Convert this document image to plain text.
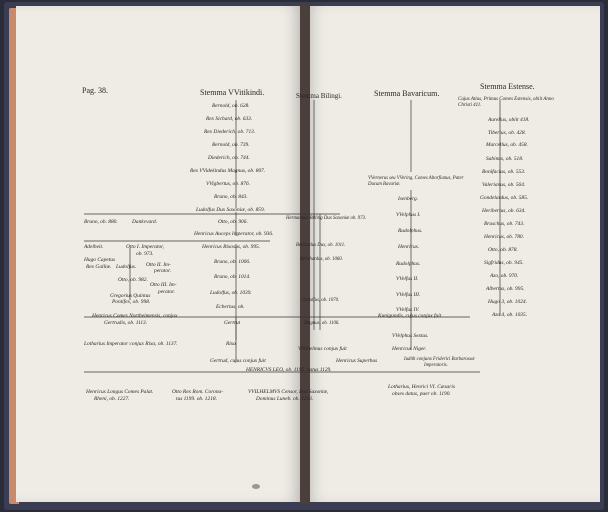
Pag. 38.	Stemma VVitikindi.	Stemma Bilingi.	Stemma Bavaricum.
Stemma Estense.
Bernold, ob. 628.
Rex Sichard, ob. 633.
Rex Diederich, ob. 713.
Bernold, ob. 739.
Diederich, ob. 744.
Rex VVidekindus Magnus, ob. 807.
VVigbertus, ob. 876.
Bruno, ob. 843.
Ludolfus Dux Saxoniæ, ob. 859.
Bruno, ob. 880.	Dankvvard.	Otto, ob. 906.
Henricus Auceps Imperator, ob. 936.
Adelheit.	Otto I. Imperator,
ob. 973.
Henricus Rixosus, ob. 995.
Hugo Capetus
Rex Galliæ. Ludolfus. Otto II. Im-
perator.
Bruno, ob. 1006.
Otto, ob. 982.
Otto III. Im-
perator.
Bruno, ob. 1014.
Gregorius Quintus
Pontifex, ob. 998.
Ludolfus, ob. 1039.
Ecbertus, ob.
Henricus Comes Northeimensis, conjux
Gertrudis, ob. 1113.	Gertrut
Lotharius Imperator conjux Rixa, ob. 1137.	Rixa
Gertrud, cujus conjux fuit
Hermannus Billing Dux Saxoniæ ob. 973.
Bernardus Dux, ob. 1011.
Bernhardus, ob. 1060.
Ordulfus, ob. 1070.
Magnus, ob. 1106.
VVernerus seu VVering, Comes Altorfianus, Pater Ducum Bavariæ.
Isenberg.
VVelphus I.
Rudolphus.
Henricus.
Rudolphus.
VVelfus II.
VVelfus III.
VVelfus IV.
Kunigundis, cujus conjux fuit
VVelphus Sextus.
Henricus Niger.
Henricus Superbus
Cajus Atius, Primus Comes Estensis, obiit Anno Christi 411.
Aurelius, obiit 418.
Tiberius, ob. 428.
Marcellus, ob. 458.
Sabinus, ob. 518.
Bonifacius, ob. 553.
Valerianus, ob. 564.
Gondelardus, ob. 585.
Heribertus, ob. 634.
Bruschus, ob. 743.
Henricus, ob. 780.
Otto, ob. 878.
Sigfridus, ob. 945.
Azo, ob. 970.
Albertus, ob. 995.
Hugo 3, ob. 1024.
Azo 4, ob. 1035.
VVilhelmus conjux fuit
HENRICVS LEO, ob. 1195. natus 1129.
Iudith conjunx Friderici Barbarossæ
Imperatoris.
Henricus Longus Comes Palat.
Rheni, ob. 1227.
Otto Rex Rom. Corona-
tus 1199. ob. 1218.
VVILHELMVS Censor, Imd Saxoniæ,
Dominus Luneb. ob. 1213.
Lotharius, Henrici VI. Cæsaris
obses datus, puer ob. 1190.
